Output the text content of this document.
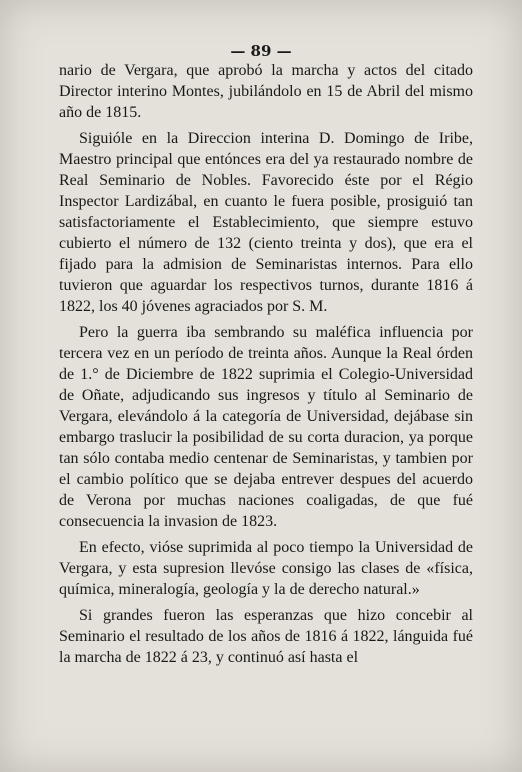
— 89 —

nario de Vergara, que aprobó la marcha y actos del citado Director interino Montes, jubilándolo en 15 de Abril del mismo año de 1815.

Siguióle en la Direccion interina D. Domingo de Iribe, Maestro principal que entónces era del ya restaurado nombre de Real Seminario de Nobles. Favorecido éste por el Régio Inspector Lardizábal, en cuanto le fuera posible, prosiguió tan satisfactoriamente el Establecimiento, que siempre estuvo cubierto el número de 132 (ciento treinta y dos), que era el fijado para la admision de Seminaristas internos. Para ello tuvieron que aguardar los respectivos turnos, durante 1816 á 1822, los 40 jóvenes agraciados por S. M.

Pero la guerra iba sembrando su maléfica influencia por tercera vez en un período de treinta años. Aunque la Real órden de 1.° de Diciembre de 1822 suprimia el Colegio-Universidad de Oñate, adjudicando sus ingresos y título al Seminario de Vergara, elevándolo á la categoría de Universidad, dejábase sin embargo traslucir la posibilidad de su corta duracion, ya porque tan sólo contaba medio centenar de Seminaristas, y tambien por el cambio político que se dejaba entrever despues del acuerdo de Verona por muchas naciones coaligadas, de que fué consecuencia la invasion de 1823.

En efecto, vióse suprimida al poco tiempo la Universidad de Vergara, y esta supresion llevóse consigo las clases de «física, química, mineralogía, geología y la de derecho natural.»

Si grandes fueron las esperanzas que hizo concebir al Seminario el resultado de los años de 1816 á 1822, lánguida fué la marcha de 1822 á 23, y continuó así hasta el
